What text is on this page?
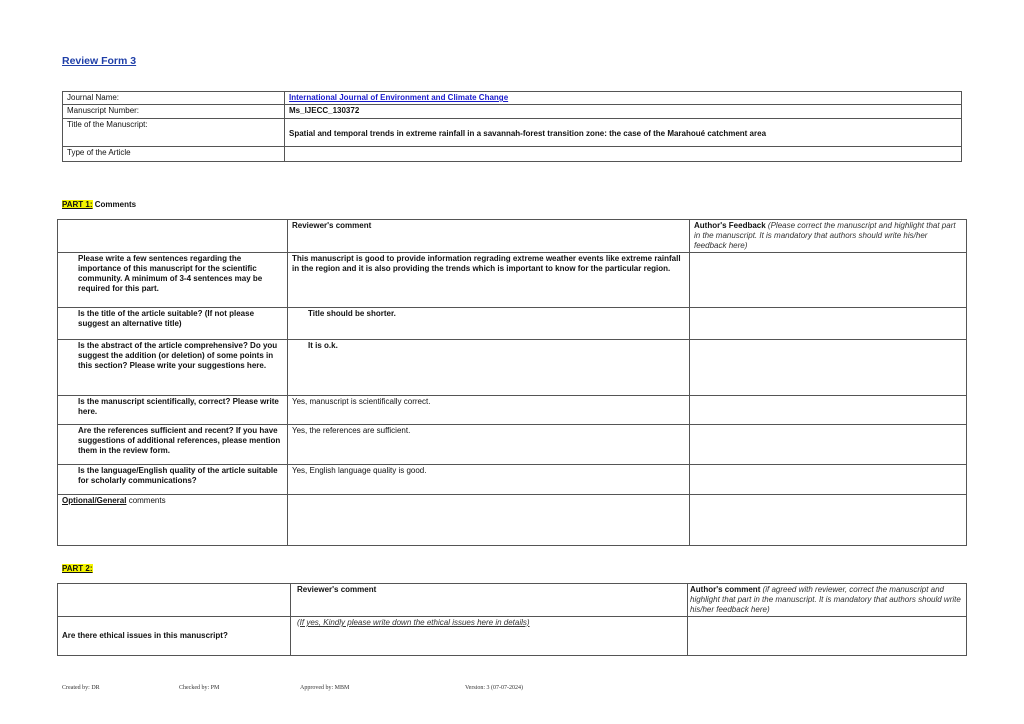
Review Form 3
Journal Name:	International Journal of Environment and Climate Change
Manuscript Number:	Ms_IJECC_130372
Title of the Manuscript:	Spatial and temporal trends in extreme rainfall in a savannah-forest transition zone: the case of the Marahoué catchment area
Type of the Article	
PART 1: Comments
	Reviewer's comment	Author's Feedback (Please correct the manuscript and highlight that part in the manuscript. It is mandatory that authors should write his/her feedback here)
Please write a few sentences regarding the importance of this manuscript for the scientific community. A minimum of 3-4 sentences may be required for this part.	This manuscript is good to provide information regrading extreme weather events like extreme rainfall in the region and it is also providing the trends which is important to know for the particular region.	
Is the title of the article suitable? (If not please suggest an alternative title)	Title should be shorter.	
Is the abstract of the article comprehensive? Do you suggest the addition (or deletion) of some points in this section? Please write your suggestions here.	It is o.k.	
Is the manuscript scientifically, correct? Please write here.	Yes, manuscript is scientifically correct.	
Are the references sufficient and recent? If you have suggestions of additional references, please mention them in the review form.	Yes, the references are sufficient.	
Is the language/English quality of the article suitable for scholarly communications?	Yes, English language quality is good.	
Optional/General comments		
PART 2:
	Reviewer's comment	Author's comment (if agreed with reviewer, correct the manuscript and highlight that part in the manuscript. It is mandatory that authors should write his/her feedback here)
Are there ethical issues in this manuscript?	(If yes, Kindly please write down the ethical issues here in details)	
Created by: DR	Checked by: PM	Approved by: MBM	Version: 3 (07-07-2024)
